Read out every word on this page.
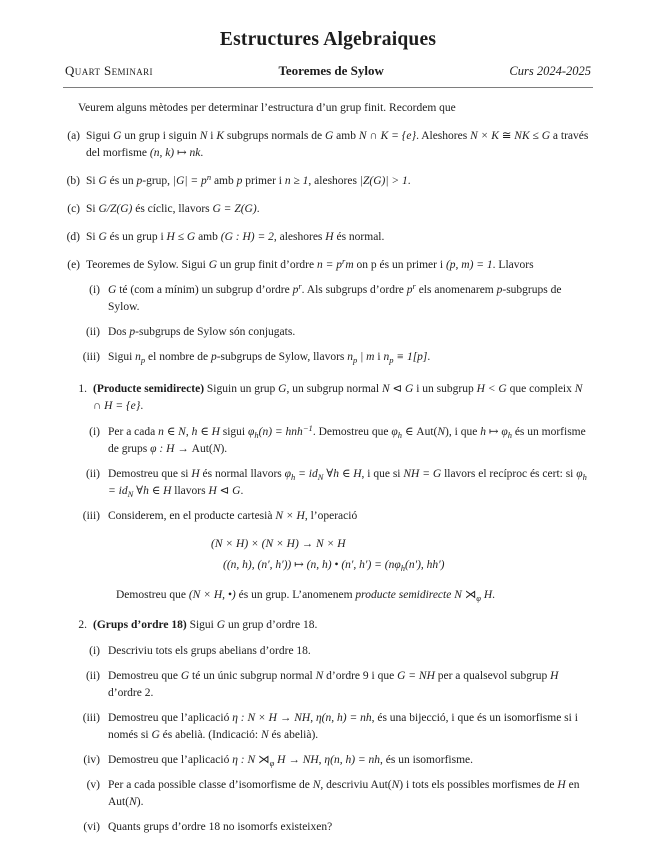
Estructures Algebraiques
Quart Seminari	Teoremes de Sylow	Curs 2024-2025

Veurem alguns mètodes per determinar l’estructura d’un grup finit. Recordem que

(a) Sigui G un grup i siguin N i K subgrups normals de G amb N ∩ K = {e}. Aleshores N × K ≅ NK ≤ G a través del morfisme (n, k) ↦ nk.
(b) Si G és un p-grup, $|G| = p^n$ amb p primer i n ≥ 1, aleshores |Z(G)| > 1.
(c) Si G/Z(G) és cíclic, llavors G = Z(G).
(d) Si G és un grup i H ≤ G amb (G : H) = 2, aleshores H és normal.
(e) Teoremes de Sylow. Sigui G un grup finit d’ordre $n = p^rm$ on p és un primer i (p, m) = 1. Llavors
(i) G té (com a mínim) un subgrup d’ordre $p^r$. Als subgrups d’ordre $p^r$ els anomenarem p-subgrups de Sylow.
(ii) Dos p-subgrups de Sylow són conjugats.
(iii) Sigui $n_p$ el nombre de p-subgrups de Sylow, llavors $n_p$ | m i $n_p \equiv 1[p]$.
1. (Producte semidirecte) Siguin un grup G, un subgrup normal N ⊲ G i un subgrup H < G que compleix N ∩ H = {e}.
(i) Per a cada n ∈ N, h ∈ H sigui $\varphi_h(n) = hnh^{-1}$. Demostreu que $\varphi_h$ ∈ Aut(N), i que h ↦ $\varphi_h$ és un morfisme de grups φ : H → Aut(N).
(ii) Demostreu que si H és normal llavors $\varphi_h = id_N$ ∀h ∈ H, i que si NH = G llavors el recíproc és cert: si $\varphi_h = id_N$ ∀h ∈ H llavors H ⊲ G.
(iii) Considerem, en el producte cartesià N × H, l’operació
(N × H) × (N × H) → N × H
((n, h), (n′, h′)) ↦ (n, h) • (n′, $h') = (n\varphi_h(n')$, hh′)
Demostreu que (N × H, •) és un grup. L’anomenem producte semidirecte N $⋊_\varphi$ H.
2. (Grups d’ordre 18) Sigui G un grup d’ordre 18.
(i) Descriviu tots els grups abelians d’ordre 18.
(ii) Demostreu que G té un únic subgrup normal N d’ordre 9 i que G = NH per a qualsevol subgrup H d’ordre 2.
(iii) Demostreu que l’aplicació η : N × H → NH, η(n, h) = nh, és una bijecció, i que és un isomorfisme si i només si G és abelià. (Indicació: N és abelià).
(iv) Demostreu que l’aplicació η : N $⋊_\varphi$ H → NH, η(n, h) = nh, és un isomorfisme.
(v) Per a cada possible classe d’isomorfisme de N, descriviu Aut(N) i tots els possibles morfismes de H en Aut(N).
(vi) Quants grups d’ordre 18 no isomorfs existeixen?
